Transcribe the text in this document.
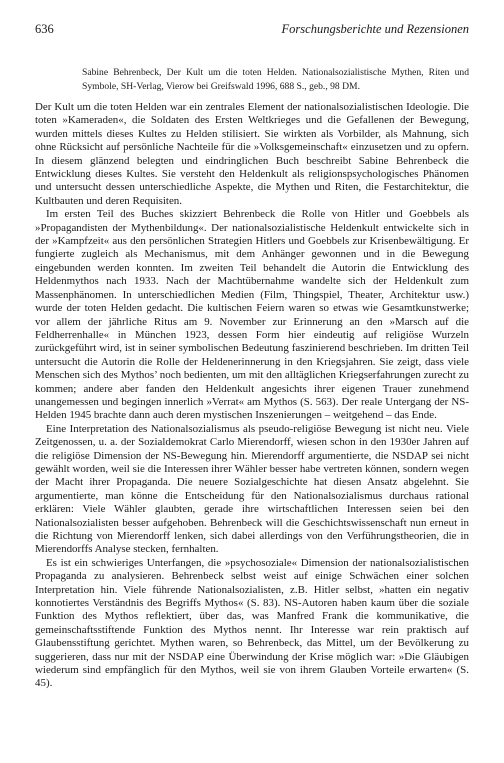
636	Forschungsberichte und Rezensionen
Sabine Behrenbeck, Der Kult um die toten Helden. Nationalsozialistische Mythen, Riten und Symbole, SH-Verlag, Vierow bei Greifswald 1996, 688 S., geb., 98 DM.

Der Kult um die toten Helden war ein zentrales Element der nationalsozialistischen Ideologie. Die toten »Kameraden«, die Soldaten des Ersten Weltkrieges und die Gefallenen der Bewegung, wurden mittels dieses Kultes zu Helden stilisiert. Sie wirkten als Vorbilder, als Mahnung, sich ohne Rücksicht auf persönliche Nachteile für die »Volksgemeinschaft« einzusetzen und zu opfern. In diesem glänzend belegten und eindringlichen Buch beschreibt Sabine Behrenbeck die Entwicklung dieses Kultes. Sie versteht den Heldenkult als religionspsychologisches Phänomen und untersucht dessen unterschiedliche Aspekte, die Mythen und Riten, die Festarchitektur, die Kultbauten und deren Requisiten.

Im ersten Teil des Buches skizziert Behrenbeck die Rolle von Hitler und Goebbels als »Propagandisten der Mythenbildung«. Der nationalsozialistische Heldenkult entwickelte sich in der »Kampfzeit« aus den persönlichen Strategien Hitlers und Goebbels zur Krisenbewältigung. Er fungierte zugleich als Mechanismus, mit dem Anhänger gewonnen und in die Bewegung eingebunden werden konnten. Im zweiten Teil behandelt die Autorin die Entwicklung des Heldenmythos nach 1933. Nach der Machtübernahme wandelte sich der Heldenkult zum Massenphänomen. In unterschiedlichen Medien (Film, Thingspiel, Theater, Architektur usw.) wurde der toten Helden gedacht. Die kultischen Feiern waren so etwas wie Gesamtkunstwerke; vor allem der jährliche Ritus am 9. November zur Erinnerung an den »Marsch auf die Feldherrenhalle« in München 1923, dessen Form hier eindeutig auf religiöse Wurzeln zurückgeführt wird, ist in seiner symbolischen Bedeutung faszinierend beschrieben. Im dritten Teil untersucht die Autorin die Rolle der Heldenerinnerung in den Kriegsjahren. Sie zeigt, dass viele Menschen sich des Mythos’ noch bedienten, um mit den alltäglichen Kriegserfahrungen zurecht zu kommen; andere aber fanden den Heldenkult angesichts ihrer eigenen Trauer zunehmend unangemessen und begingen innerlich »Verrat« am Mythos (S. 563). Der reale Untergang der NS-Helden 1945 brachte dann auch deren mystischen Inszenierungen – weitgehend – das Ende.

Eine Interpretation des Nationalsozialismus als pseudo-religiöse Bewegung ist nicht neu. Viele Zeitgenossen, u. a. der Sozialdemokrat Carlo Mierendorff, wiesen schon in den 1930er Jahren auf die religiöse Dimension der NS-Bewegung hin. Mierendorff argumentierte, die NSDAP sei nicht gewählt worden, weil sie die Interessen ihrer Wähler besser habe vertreten können, sondern wegen der Macht ihrer Propaganda. Die neuere Sozialgeschichte hat diesen Ansatz abgelehnt. Sie argumentierte, man könne die Entscheidung für den Nationalsozialismus durchaus rational erklären: Viele Wähler glaubten, gerade ihre wirtschaftlichen Interessen seien bei den Nationalsozialisten besser aufgehoben. Behrenbeck will die Geschichtswissenschaft nun erneut in die Richtung von Mierendorff lenken, sich dabei allerdings von den Verführungstheorien, die in Mierendorffs Analyse stecken, fernhalten.

Es ist ein schwieriges Unterfangen, die »psychosoziale« Dimension der nationalsozialistischen Propaganda zu analysieren. Behrenbeck selbst weist auf einige Schwächen einer solchen Interpretation hin. Viele führende Nationalsozialisten, z.B. Hitler selbst, »hatten ein negativ konnotiertes Verständnis des Begriffs Mythos« (S. 83). NS-Autoren haben kaum über die soziale Funktion des Mythos reflektiert, über das, was Manfred Frank die kommunikative, die gemeinschaftsstiftende Funktion des Mythos nennt. Ihr Interesse war rein praktisch auf Glaubensstiftung gerichtet. Mythen waren, so Behrenbeck, das Mittel, um der Bevölkerung zu suggerieren, dass nur mit der NSDAP eine Überwindung der Krise möglich war: »Die Gläubigen wiederum sind empfänglich für den Mythos, weil sie von ihrem Glauben Vorteile erwarten« (S. 45).
